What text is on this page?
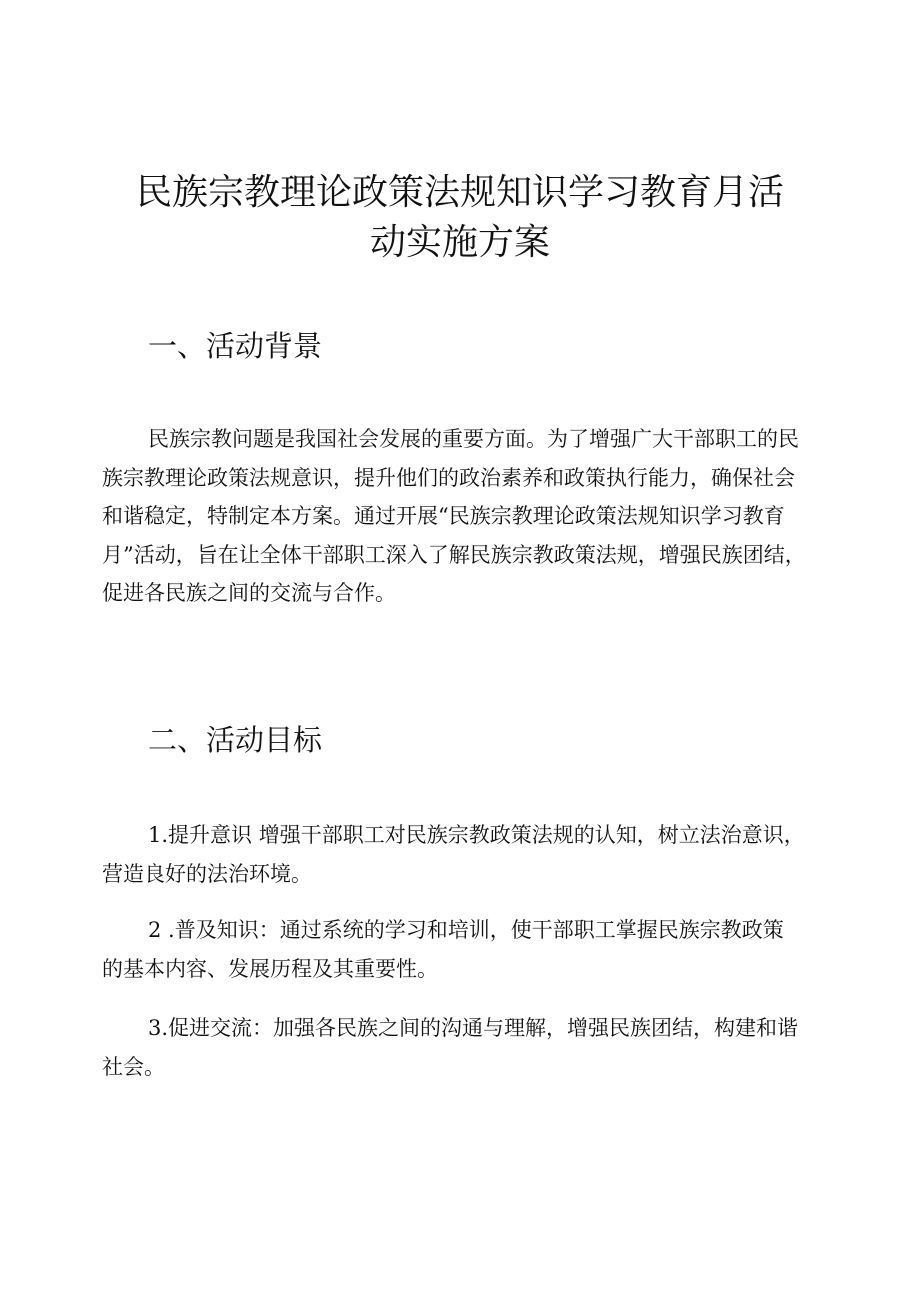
民族宗教理论政策法规知识学习教育月活
动实施方案
一、活动背景
民族宗教问题是我国社会发展的重要方面。为了增强广大干部职工的民
族宗教理论政策法规意识，提升他们的政治素养和政策执行能力，确保社会
和谐稳定，特制定本方案。通过开展“民族宗教理论政策法规知识学习教育
月”活动，旨在让全体干部职工深入了解民族宗教政策法规，增强民族团结，
促进各民族之间的交流与合作。
二、活动目标
1.提升意识 增强干部职工对民族宗教政策法规的认知，树立法治意识，
营造良好的法治环境。
2 .普及知识：通过系统的学习和培训，使干部职工掌握民族宗教政策
的基本内容、发展历程及其重要性。
3.促进交流：加强各民族之间的沟通与理解，增强民族团结，构建和谐
社会。
